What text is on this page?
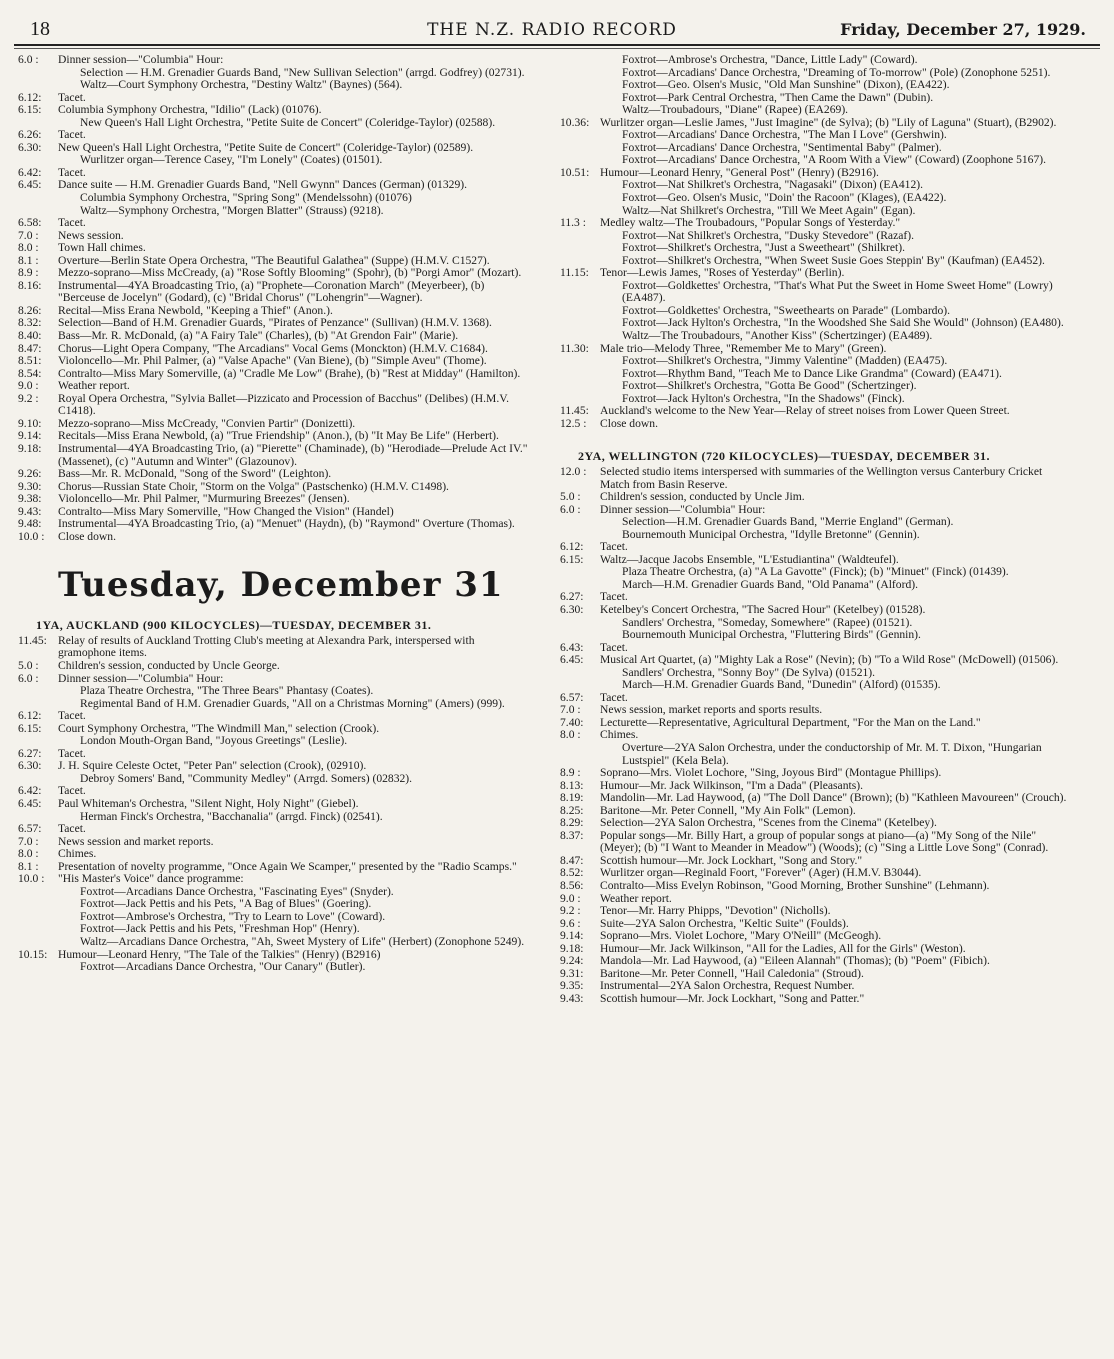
18	THE N.Z. RADIO RECORD	Friday, December 27, 1929.
6.0 :	Dinner session—"Columbia" Hour:
Selection — H.M. Grenadier Guards Band, "New Sullivan Selection" (arrgd. Godfrey) (02731).
Waltz—Court Symphony Orchestra, "Destiny Waltz" (Baynes) (564).
6.12:	Tacet.
6.15:	Columbia Symphony Orchestra, "Idilio" (Lack) (01076).
New Queen's Hall Light Orchestra, "Petite Suite de Concert" (Coleridge-Taylor) (02588).
6.26:	Tacet.
6.30:	New Queen's Hall Light Orchestra, "Petite Suite de Concert" (Coleridge-Taylor) (02589).
Wurlitzer organ—Terence Casey, "I'm Lonely" (Coates) (01501).
6.42:	Tacet.
6.45:	Dance suite — H.M. Grenadier Guards Band, "Nell Gwynn" Dances (German) (01329).
Columbia Symphony Orchestra, "Spring Song" (Mendelssohn) (01076)
Waltz—Symphony Orchestra, "Morgen Blatter" (Strauss) (9218).
6.58:	Tacet.
7.0 :	News session.
8.0 :	Town Hall chimes.
8.1 :	Overture—Berlin State Opera Orchestra, "The Beautiful Galathea" (Suppe) (H.M.V. C1527).
8.9 :	Mezzo-soprano—Miss McCready, (a) "Rose Softly Blooming" (Spohr), (b) "Porgi Amor" (Mozart).
8.16:	Instrumental—4YA Broadcasting Trio, (a) "Prophete—Coronation March" (Meyerbeer), (b) "Berceuse de Jocelyn" (Godard), (c) "Bridal Chorus" ("Lohengrin"—Wagner).
8.26:	Recital—Miss Erana Newbold, "Keeping a Thief" (Anon.).
8.32:	Selection—Band of H.M. Grenadier Guards, "Pirates of Penzance" (Sullivan) (H.M.V. 1368).
8.40:	Bass—Mr. R. McDonald, (a) "A Fairy Tale" (Charles), (b) "At Grendon Fair" (Marie).
8.47:	Chorus—Light Opera Company, "The Arcadians" Vocal Gems (Monckton) (H.M.V. C1684).
8.51:	Violoncello—Mr. Phil Palmer, (a) "Valse Apache" (Van Biene), (b) "Simple Aveu" (Thome).
8.54:	Contralto—Miss Mary Somerville, (a) "Cradle Me Low" (Brahe), (b) "Rest at Midday" (Hamilton).
9.0 :	Weather report.
9.2 :	Royal Opera Orchestra, "Sylvia Ballet—Pizzicato and Procession of Bacchus" (Delibes) (H.M.V. C1418).
9.10:	Mezzo-soprano—Miss McCready, "Convien Partir" (Donizetti).
9.14:	Recitals—Miss Erana Newbold, (a) "True Friendship" (Anon.), (b) "It May Be Life" (Herbert).
9.18:	Instrumental—4YA Broadcasting Trio, (a) "Pierette" (Chaminade), (b) "Herodiade—Prelude Act IV." (Massenet), (c) "Autumn and Winter" (Glazounov).
9.26:	Bass—Mr. R. McDonald, "Song of the Sword" (Leighton).
9.30:	Chorus—Russian State Choir, "Storm on the Volga" (Pastschenko) (H.M.V. C1498).
9.38:	Violoncello—Mr. Phil Palmer, "Murmuring Breezes" (Jensen).
9.43:	Contralto—Miss Mary Somerville, "How Changed the Vision" (Handel)
9.48:	Instrumental—4YA Broadcasting Trio, (a) "Menuet" (Haydn), (b) "Raymond" Overture (Thomas).
10.0 :	Close down.
Tuesday, December 31
1YA, AUCKLAND (900 KILOCYCLES)—TUESDAY, DECEMBER 31.
11.45: Relay of results of Auckland Trotting Club's meeting at Alexandra Park, interspersed with gramophone items.
5.0 :	Children's session, conducted by Uncle George.
6.0 :	Dinner session—"Columbia" Hour:
Plaza Theatre Orchestra, "The Three Bears" Phantasy (Coates).
Regimental Band of H.M. Grenadier Guards, "All on a Christmas Morning" (Amers) (999).
6.12:	Tacet.
6.15:	Court Symphony Orchestra, "The Windmill Man," selection (Crook).
London Mouth-Organ Band, "Joyous Greetings" (Leslie).
6.27:	Tacet.
6.30:	J. H. Squire Celeste Octet, "Peter Pan" selection (Crook), (02910).
Debroy Somers' Band, "Community Medley" (Arrgd. Somers) (02832).
6.42:	Tacet.
6.45:	Paul Whiteman's Orchestra, "Silent Night, Holy Night" (Giebel).
Herman Finck's Orchestra, "Bacchanalia" (arrgd. Finck) (02541).
6.57:	Tacet.
7.0 :	News session and market reports.
8.0 :	Chimes.
8.1 :	Presentation of novelty programme, "Once Again We Scamper," presented by the "Radio Scamps."
10.0 :	"His Master's Voice" dance programme:
Foxtrot—Arcadians Dance Orchestra, "Fascinating Eyes" (Snyder).
Foxtrot—Jack Pettis and his Pets, "A Bag of Blues" (Goering).
Foxtrot—Ambrose's Orchestra, "Try to Learn to Love" (Coward).
Foxtrot—Jack Pettis and his Pets, "Freshman Hop" (Henry).
Waltz—Arcadians Dance Orchestra, "Ah, Sweet Mystery of Life" (Herbert) (Zonophone 5249).
10.15: Humour—Leonard Henry, "The Tale of the Talkies" (Henry) (B2916)
Foxtrot—Arcadians Dance Orchestra, "Our Canary" (Butler).
Foxtrot—Ambrose's Orchestra, "Dance, Little Lady" (Coward).
Foxtrot—Arcadians' Dance Orchestra, "Dreaming of To-morrow" (Pole) (Zonophone 5251).
Foxtrot—Geo. Olsen's Music, "Old Man Sunshine" (Dixon), (EA422).
Foxtrot—Park Central Orchestra, "Then Came the Dawn" (Dubin).
Waltz—Troubadours, "Diane" (Rapee) (EA269).
10.36: Wurlitzer organ—Leslie James, "Just Imagine" (de Sylva); (b) "Lily of Laguna" (Stuart), (B2902).
Foxtrot—Arcadians' Dance Orchestra, "The Man I Love" (Gershwin).
Foxtrot—Arcadians' Dance Orchestra, "Sentimental Baby" (Palmer).
Foxtrot—Arcadians' Dance Orchestra, "A Room With a View" (Coward) (Zoophone 5167).
10.51: Humour—Leonard Henry, "General Post" (Henry) (B2916).
Foxtrot—Nat Shilkret's Orchestra, "Nagasaki" (Dixon) (EA412).
Foxtrot—Geo. Olsen's Music, "Doin' the Racoon" (Klages), (EA422).
Waltz—Nat Shilkret's Orchestra, "Till We Meet Again" (Egan).
11.3 :	Medley waltz—The Troubadours, "Popular Songs of Yesterday."
Foxtrot—Nat Shilkret's Orchestra, "Dusky Stevedore" (Razaf).
Foxtrot—Shilkret's Orchestra, "Just a Sweetheart" (Shilkret).
Foxtrot—Shilkret's Orchestra, "When Sweet Susie Goes Steppin' By" (Kaufman) (EA452).
11.15: Tenor—Lewis James, "Roses of Yesterday" (Berlin).
Foxtrot—Goldkettes' Orchestra, "That's What Put the Sweet in Home Sweet Home" (Lowry) (EA487).
Foxtrot—Goldkettes' Orchestra, "Sweethearts on Parade" (Lombardo).
Foxtrot—Jack Hylton's Orchestra, "In the Woodshed She Said She Would" (Johnson) (EA480).
Waltz—The Troubadours, "Another Kiss" (Schertzinger) (EA489).
11.30: Male trio—Melody Three, "Remember Me to Mary" (Green).
Foxtrot—Shilkret's Orchestra, "Jimmy Valentine" (Madden) (EA475).
Foxtrot—Rhythm Band, "Teach Me to Dance Like Grandma" (Coward) (EA471).
Foxtrot—Shilkret's Orchestra, "Gotta Be Good" (Schertzinger).
Foxtrot—Jack Hylton's Orchestra, "In the Shadows" (Finck).
11.45: Auckland's welcome to the New Year—Relay of street noises from Lower Queen Street.
12.5 :	Close down.
2YA, WELLINGTON (720 KILOCYCLES)—TUESDAY, DECEMBER 31.
12.0 :	Selected studio items interspersed with summaries of the Wellington versus Canterbury Cricket Match from Basin Reserve.
5.0 :	Children's session, conducted by Uncle Jim.
6.0 :	Dinner session—"Columbia" Hour:
Selection—H.M. Grenadier Guards Band, "Merrie England" (German).
Bournemouth Municipal Orchestra, "Idylle Bretonne" (Gennin).
6.12:	Tacet.
6.15:	Waltz—Jacque Jacobs Ensemble, "L'Estudiantina" (Waldteufel).
Plaza Theatre Orchestra, (a) "A La Gavotte" (Finck); (b) "Minuet" (Finck) (01439).
March—H.M. Grenadier Guards Band, "Old Panama" (Alford).
6.27:	Tacet.
6.30:	Ketelbey's Concert Orchestra, "The Sacred Hour" (Ketelbey) (01528).
Sandlers' Orchestra, "Someday, Somewhere" (Rapee) (01521).
Bournemouth Municipal Orchestra, "Fluttering Birds" (Gennin).
6.43:	Tacet.
6.45:	Musical Art Quartet, (a) "Mighty Lak a Rose" (Nevin); (b) "To a Wild Rose" (McDowell) (01506).
Sandlers' Orchestra, "Sonny Boy" (De Sylva) (01521).
March—H.M. Grenadier Guards Band, "Dunedin" (Alford) (01535).
6.57:	Tacet.
7.0 :	News session, market reports and sports results.
7.40:	Lecturette—Representative, Agricultural Department, "For the Man on the Land."
8.0 :	Chimes.
Overture—2YA Salon Orchestra, under the conductorship of Mr. M. T. Dixon, "Hungarian Lustspiel" (Kela Bela).
8.9 :	Soprano—Mrs. Violet Lochore, "Sing, Joyous Bird" (Montague Phillips).
8.13:	Humour—Mr. Jack Wilkinson, "I'm a Dada" (Pleasants).
8.19:	Mandolin—Mr. Lad Haywood, (a) "The Doll Dance" (Brown); (b) "Kathleen Mavoureen" (Crouch).
8.25:	Baritone—Mr. Peter Connell, "My Ain Folk" (Lemon).
8.29:	Selection—2YA Salon Orchestra, "Scenes from the Cinema" (Ketelbey).
8.37:	Popular songs—Mr. Billy Hart, a group of popular songs at piano—(a) "My Song of the Nile" (Meyer); (b) "I Want to Meander in Meadow") (Woods); (c) "Sing a Little Love Song" (Conrad).
8.47:	Scottish humour—Mr. Jock Lockhart, "Song and Story."
8.52:	Wurlitzer organ—Reginald Foort, "Forever" (Ager) (H.M.V. B3044).
8.56:	Contralto—Miss Evelyn Robinson, "Good Morning, Brother Sunshine" (Lehmann).
9.0 :	Weather report.
9.2 :	Tenor—Mr. Harry Phipps, "Devotion" (Nicholls).
9.6 :	Suite—2YA Salon Orchestra, "Keltic Suite" (Foulds).
9.14:	Soprano—Mrs. Violet Lochore, "Mary O'Neill" (McGeogh).
9.18:	Humour—Mr. Jack Wilkinson, "All for the Ladies, All for the Girls" (Weston).
9.24:	Mandola—Mr. Lad Haywood, (a) "Eileen Alannah" (Thomas); (b) "Poem" (Fibich).
9.31:	Baritone—Mr. Peter Connell, "Hail Caledonia" (Stroud).
9.35:	Instrumental—2YA Salon Orchestra, Request Number.
9.43:	Scottish humour—Mr. Jock Lockhart, "Song and Patter."
